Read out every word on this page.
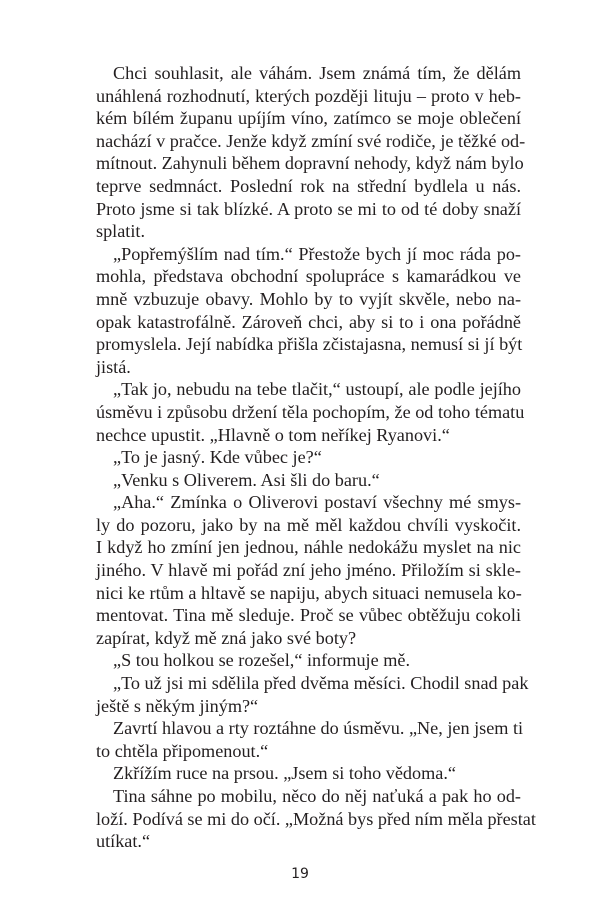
Chci souhlasit, ale váhám. Jsem známá tím, že dělám
unáhlená rozhodnutí, kterých později lituju – proto v heb-
kém bílém županu upíjím víno, zatímco se moje oblečení
nachází v pračce. Jenže když zmíní své rodiče, je těžké od-
mítnout. Zahynuli během dopravní nehody, když nám bylo
teprve sedmnáct. Poslední rok na střední bydlela u nás.
Proto jsme si tak blízké. A proto se mi to od té doby snaží
splatit.
„Popřemýšlím nad tím.“ Přestože bych jí moc ráda po-
mohla, představa obchodní spolupráce s kamarádkou ve
mně vzbuzuje obavy. Mohlo by to vyjít skvěle, nebo na-
opak katastrofálně. Zároveň chci, aby si to i ona pořádně
promyslela. Její nabídka přišla zčistajasna, nemusí si jí být
jistá.
„Tak jo, nebudu na tebe tlačit,“ ustoupí, ale podle jejího
úsměvu i způsobu držení těla pochopím, že od toho tématu
nechce upustit. „Hlavně o tom neříkej Ryanovi.“
„To je jasný. Kde vůbec je?“
„Venku s Oliverem. Asi šli do baru.“
„Aha.“ Zmínka o Oliverovi postaví všechny mé smys-
ly do pozoru, jako by na mě měl každou chvíli vyskočit.
I když ho zmíní jen jednou, náhle nedokážu myslet na nic
jiného. V hlavě mi pořád zní jeho jméno. Přiložím si skle-
nici ke rtům a hltavě se napiju, abych situaci nemusela ko-
mentovat. Tina mě sleduje. Proč se vůbec obtěžuju cokoli
zapírat, když mě zná jako své boty?
„S tou holkou se rozešel,“ informuje mě.
„To už jsi mi sdělila před dvěma měsíci. Chodil snad pak
ještě s někým jiným?“
Zavrtí hlavou a rty roztáhne do úsměvu. „Ne, jen jsem ti
to chtěla připomenout.“
Zkřížím ruce na prsou. „Jsem si toho vědoma.“
Tina sáhne po mobilu, něco do něj naťuká a pak ho od-
loží. Podívá se mi do očí. „Možná bys před ním měla přestat
utíkat.“
19
